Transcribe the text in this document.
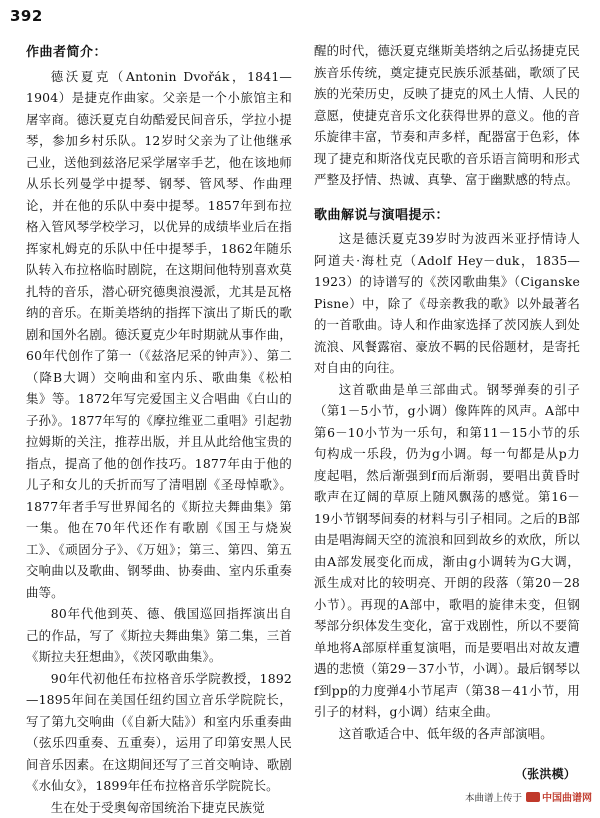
392
作曲者简介：

德沃夏克（Antonin Dvořák，1841—1904）是捷克作曲家。父亲是一个小旅馆主和屠宰商。德沃夏克自幼酷爱民间音乐，学拉小提琴，参加乡村乐队。12岁时父亲为了让他继承己业，送他到兹洛尼采学屠宰手艺，他在该地师从乐长列曼学中提琴、钢琴、管风琴、作曲理论，并在他的乐队中奏中提琴。1857年到布拉格入管风琴学校学习，以优异的成绩毕业后在指挥家札姆克的乐队中任中提琴手，1862年随乐队转入布拉格临时剧院，在这期间他特别喜欢莫扎特的音乐，潜心研究德奥浪漫派，尤其是瓦格纳的音乐。在斯美塔纳的指挥下演出了斯氏的歌剧和国外名剧。德沃夏克少年时期就从事作曲，60年代创作了第一（《兹洛尼采的钟声》）、第二（降B大调）交响曲和室内乐、歌曲集《松柏集》等。1872年写完爱国主义合唱曲《白山的子孙》。1877年写的《摩拉维亚二重唱》引起勃拉姆斯的关注，推荐出版，并且从此给他宝贵的指点，提高了他的创作技巧。1877年由于他的儿子和女儿的夭折而写了清唱剧《圣母悼歌》。1877年者手写世界闻名的《斯拉夫舞曲集》第一集。他在70年代还作有歌剧《国王与烧炭工》、《顽固分子》、《万妞》；第三、第四、第五交响曲以及歌曲、钢琴曲、协奏曲、室内乐重奏曲等。

80年代他到英、德、俄国巡回指挥演出自己的作品，写了《斯拉夫舞曲集》第二集，三首《斯拉夫狂想曲》，《茨冈歌曲集》。

90年代初他任布拉格音乐学院教授，1892—1895年间在美国任纽约国立音乐学院院长，写了第九交响曲（《自新大陆》）和室内乐重奏曲（弦乐四重奏、五重奏），运用了印第安黑人民间音乐因素。在这期间还写了三首交响诗、歌剧《水仙女》，1899年任布拉格音乐学院院长。

生在处于受奥匈帝国统治下捷克民族觉

醒的时代，德沃夏克继斯美塔纳之后弘扬捷克民族音乐传统，奠定捷克民族乐派基础，歌颂了民族的光荣历史，反映了捷克的风土人情、人民的意愿，使捷克音乐文化获得世界的意义。他的音乐旋律丰富，节奏和声多样，配器富于色彩，体现了捷克和斯洛伐克民歌的音乐语言简明和形式严整及抒情、热诚、真挚、富于幽默感的特点。

歌曲解说与演唱提示：

这是德沃夏克39岁时为波西米亚抒情诗人阿道夫·海杜克（Adolf Hey－duk，1835—1923）的诗谱写的《茨冈歌曲集》（Ciganske Pisne）中，除了《母亲教我的歌》以外最著名的一首歌曲。诗人和作曲家选择了茨冈族人到处流浪、风餐露宿、豪放不羁的民俗题材，是寄托对自由的向往。

这首歌曲是单三部曲式。钢琴弹奏的引子（第1－5小节，g小调）像阵阵的风声。A部中第6－10小节为一乐句，和第11－15小节的乐句构成一乐段，仍为g小调。每一句都是从p力度起唱，然后渐强到f而后渐弱，要唱出黄昏时歌声在辽阔的草原上随风飘荡的感觉。第16－19小节钢琴间奏的材料与引子相同。之后的B部由是唱海阔天空的流浪和回到故乡的欢欣，所以由A部发展变化而成，渐由g小调转为G大调，派生成对比的较明亮、开朗的段落（第20－28小节）。再现的A部中，歌唱的旋律未变，但钢琴部分织体发生变化，富于戏剧性，所以不要简单地将A部原样重复演唱，而是要唱出对故友遭遇的悲愤（第29－37小节，小调）。最后钢琴以f到pp的力度弹4小节尾声（第38－41小节，用引子的材料，g小调）结束全曲。

这首歌适合中、低年级的各声部演唱。

（张洪模）
本曲谱上传于 中国曲谱网
